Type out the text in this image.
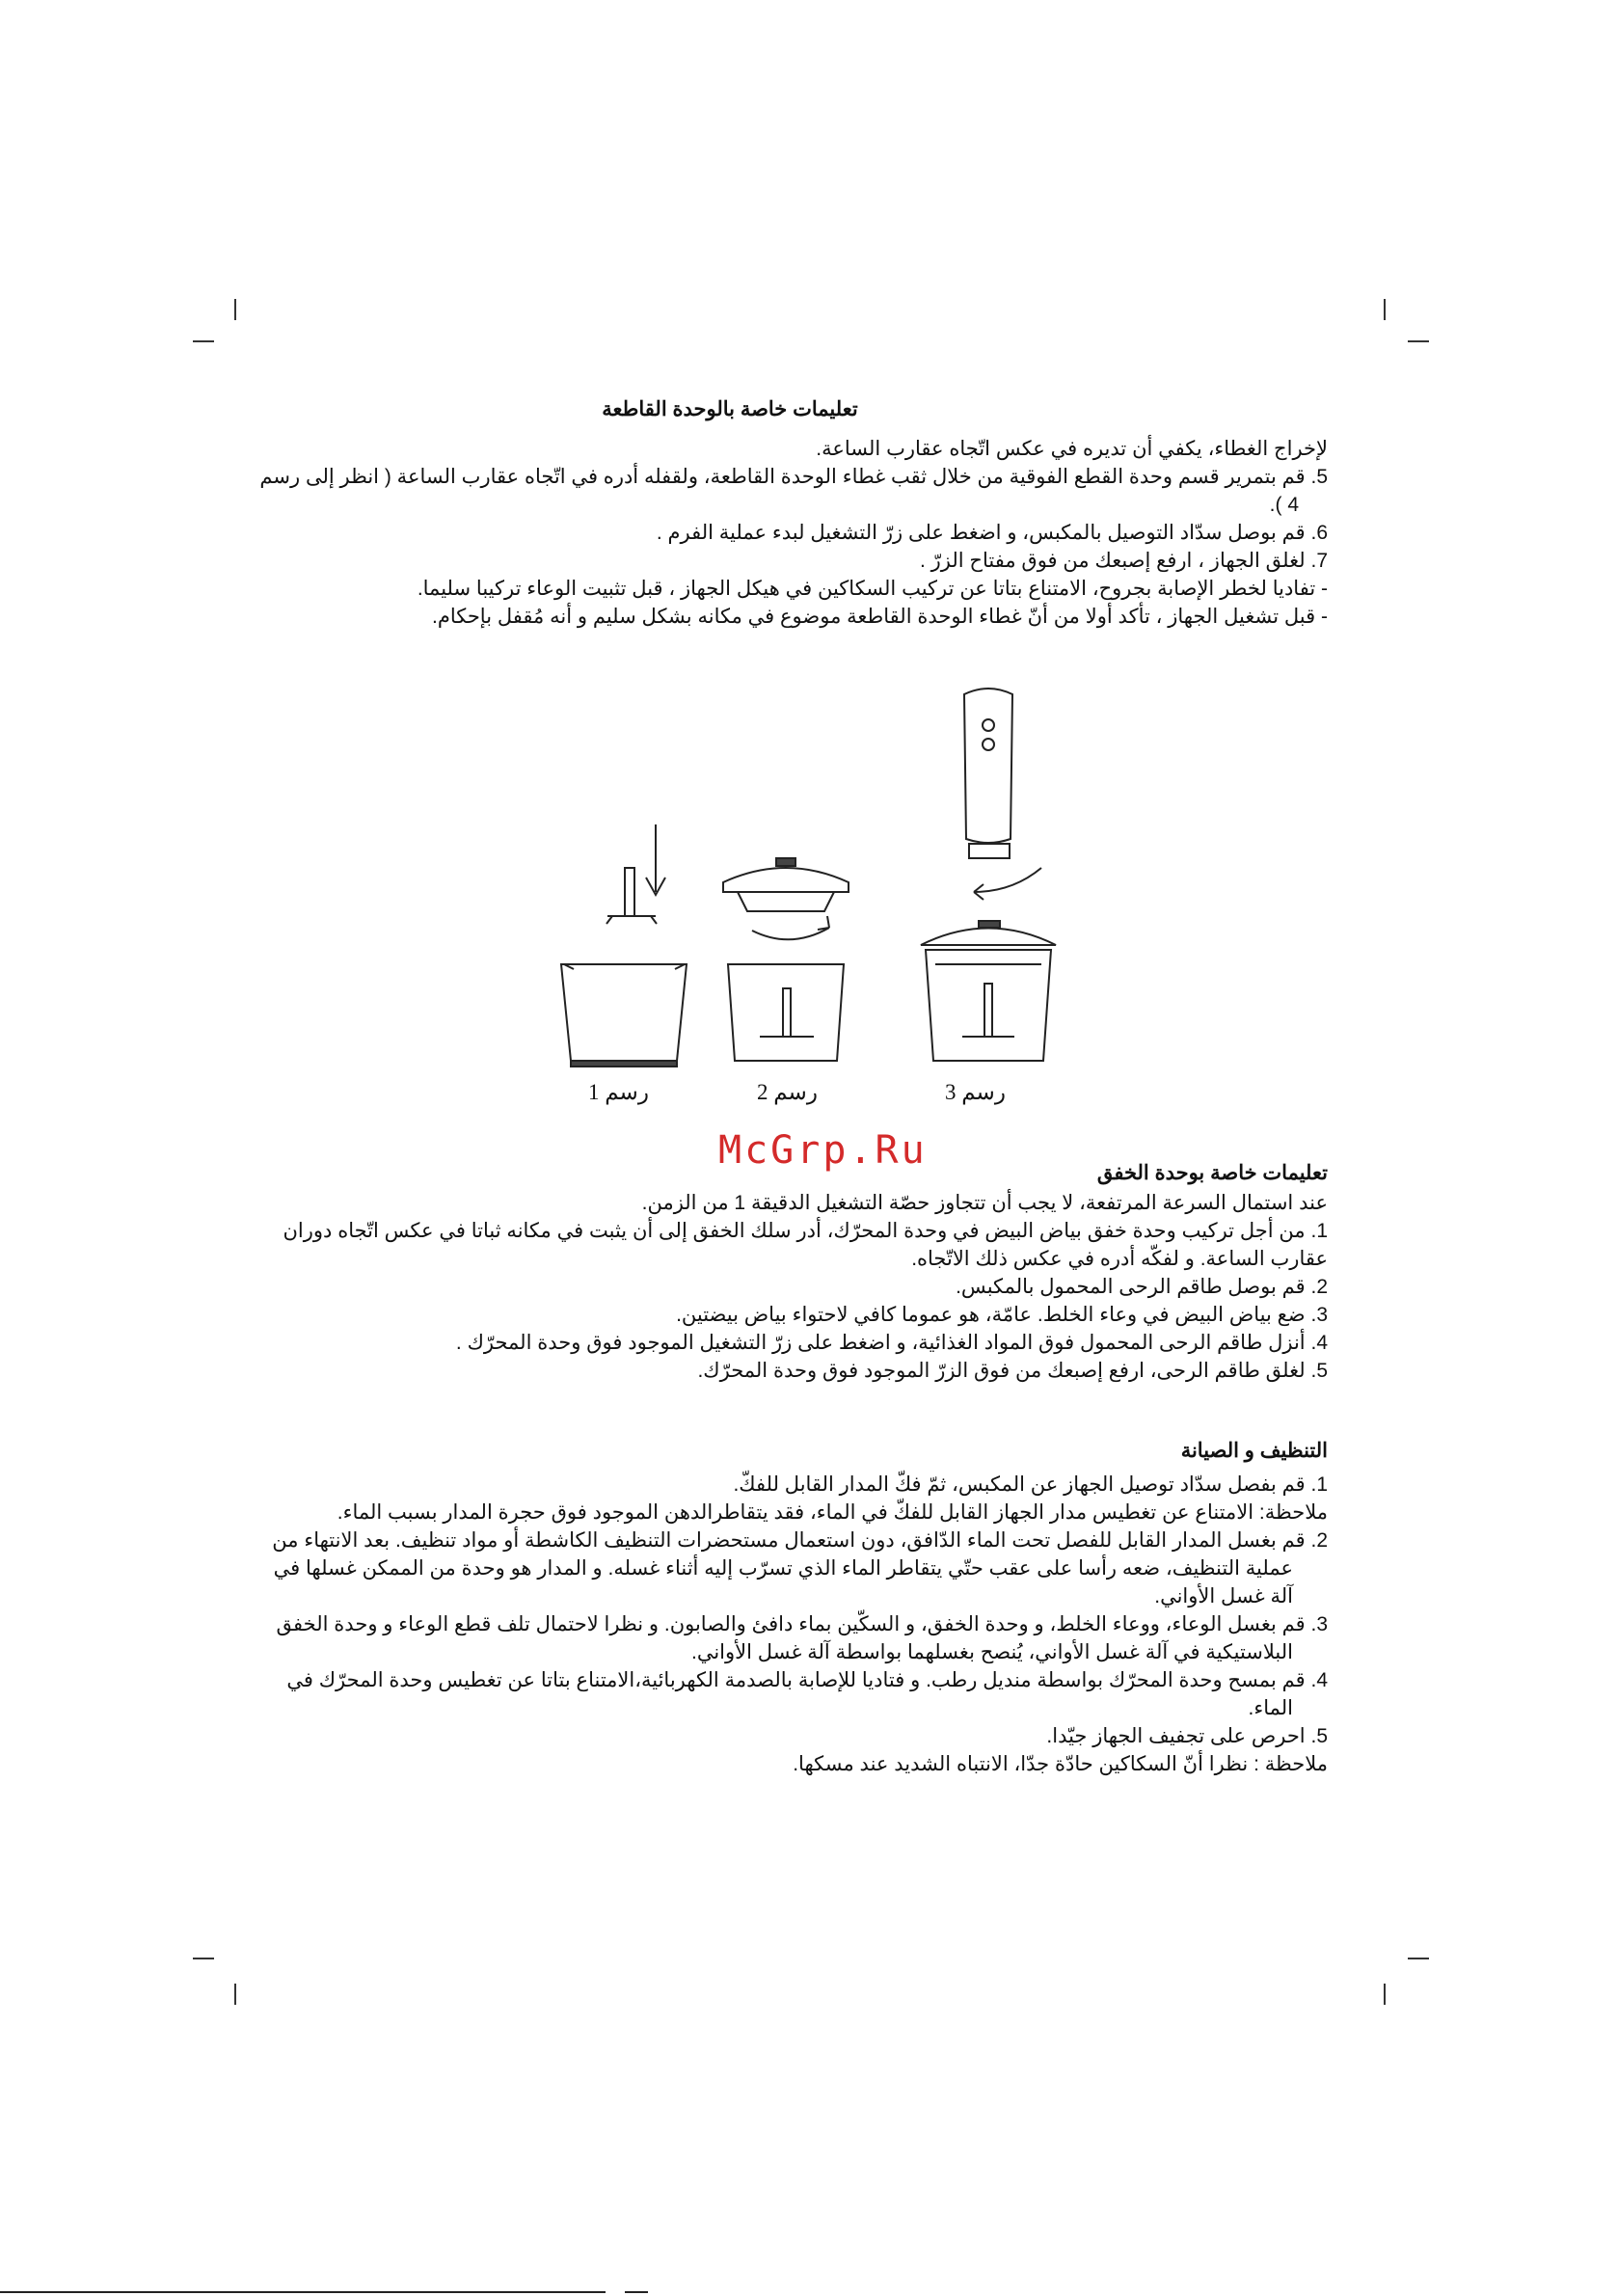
تعليمات خاصة بالوحدة القاطعة

لإخراج الغطاء، يكفي أن تديره في عكس اتّجاه عقارب الساعة.

5. قم بتمرير قسم وحدة القطع الفوقية من خلال ثقب غطاء الوحدة القاطعة، ولقفله أدره في اتّجاه عقارب الساعة ( انظر إلى رسم 4 ).

6. قم بوصل سدّاد التوصيل بالمكبس، و اضغط على زرّ التشغيل لبدء عملية الفرم .

7. لغلق الجهاز ، ارفع إصبعك من فوق مفتاح الزرّ .

- تفاديا لخطر الإصابة بجروح، الامتناع بتاتا عن تركيب السكاكين في هيكل الجهاز ، قبل تثبيت الوعاء تركيبا سليما.

- قبل تشغيل الجهاز ، تأكد أولا من أنّ غطاء الوحدة القاطعة موضوع في مكانه بشكل سليم و أنه مُقفل بإحكام.

رسم 1	رسم 2	رسم 3
McGrp.Ru

تعليمات خاصة بوحدة الخفق

عند استمال السرعة المرتفعة، لا يجب أن تتجاوز حصّة التشغيل الدقيقة 1 من الزمن.

1. من أجل تركيب وحدة خفق بياض البيض في وحدة المحرّك، أدر سلك الخفق إلى أن يثبت في مكانه ثباتا في عكس اتّجاه دوران عقارب الساعة. و لفكّه أدره في عكس ذلك الاتّجاه.

2. قم بوصل طاقم الرحى المحمول بالمكبس.

3. ضع بياض البيض في وعاء الخلط. عامّة، هو عموما كافي لاحتواء بياض بيضتين.

4. أنزل طاقم الرحى المحمول فوق المواد الغذائية، و اضغط على زرّ التشغيل الموجود فوق وحدة المحرّك .

5. لغلق طاقم الرحى، ارفع إصبعك من فوق الزرّ الموجود فوق وحدة المحرّك.

التنظيف و الصيانة

1. قم بفصل سدّاد توصيل الجهاز عن المكبس، ثمّ فكّ المدار القابل للفكّ.

ملاحظة: الامتناع عن تغطيس مدار الجهاز القابل للفكّ في الماء، فقد يتقاطرالدهن الموجود فوق حجرة المدار بسبب الماء.

2. قم بغسل المدار القابل للفصل تحت الماء الدّافق، دون استعمال مستحضرات التنظيف الكاشطة أو مواد تنظيف. بعد الانتهاء من عملية التنظيف، ضعه رأسا على عقب حتّي يتقاطر الماء الذي تسرّب إليه أثناء غسله. و المدار هو وحدة من الممكن غسلها في آلة غسل الأواني.

3. قم بغسل الوعاء، ووعاء الخلط، و وحدة الخفق، و السكّين بماء دافئ والصابون. و نظرا لاحتمال تلف قطع الوعاء و وحدة الخفق البلاستيكية في آلة غسل الأواني، يُنصح بغسلهما بواسطة آلة غسل الأواني.

4. قم بمسح وحدة المحرّك بواسطة منديل رطب. و فتاديا للإصابة بالصدمة الكهربائية،الامتناع بتاتا عن تغطيس وحدة المحرّك في الماء.

5. احرص على تجفيف الجهاز جيّدا.

ملاحظة : نظرا أنّ السكاكين حادّة جدّا، الانتباه الشديد عند مسكها.
